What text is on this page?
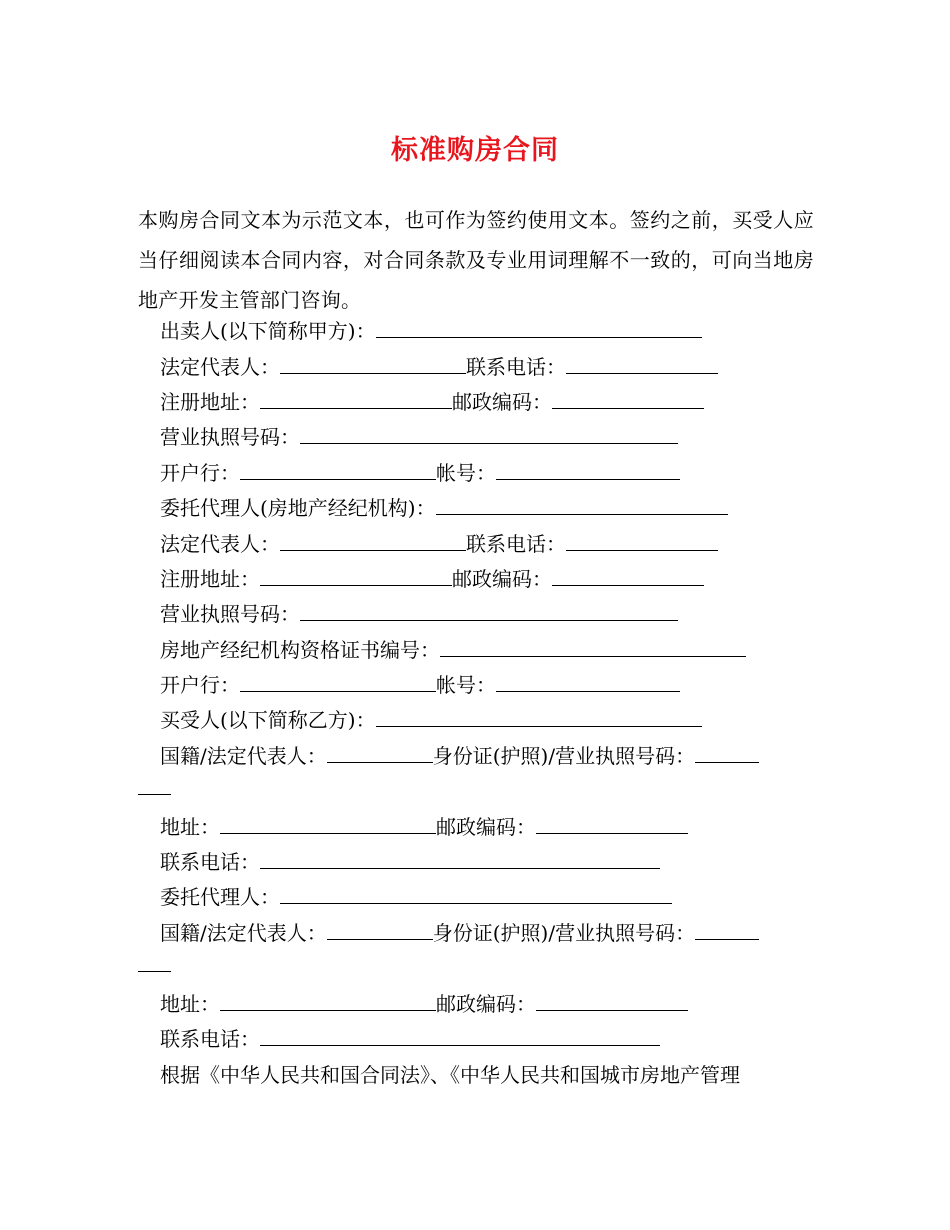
标准购房合同

本购房合同文本为示范文本，也可作为签约使用文本。签约之前，买受人应当仔细阅读本合同内容，对合同条款及专业用词理解不一致的，可向当地房地产开发主管部门咨询。

出卖人(以下简称甲方)：
法定代表人：	联系电话：
注册地址：	邮政编码：
营业执照号码：
开户行：	帐号：
委托代理人(房地产经纪机构)：
法定代表人：	联系电话：
注册地址：	邮政编码：
营业执照号码：
房地产经纪机构资格证书编号：
开户行：	帐号：
买受人(以下简称乙方)：
国籍/法定代表人：	身份证(护照)/营业执照号码：
地址：	邮政编码：
联系电话：
委托代理人：
国籍/法定代表人：	身份证(护照)/营业执照号码：
地址：	邮政编码：
联系电话：
根据《中华人民共和国合同法》、《中华人民共和国城市房地产管理
